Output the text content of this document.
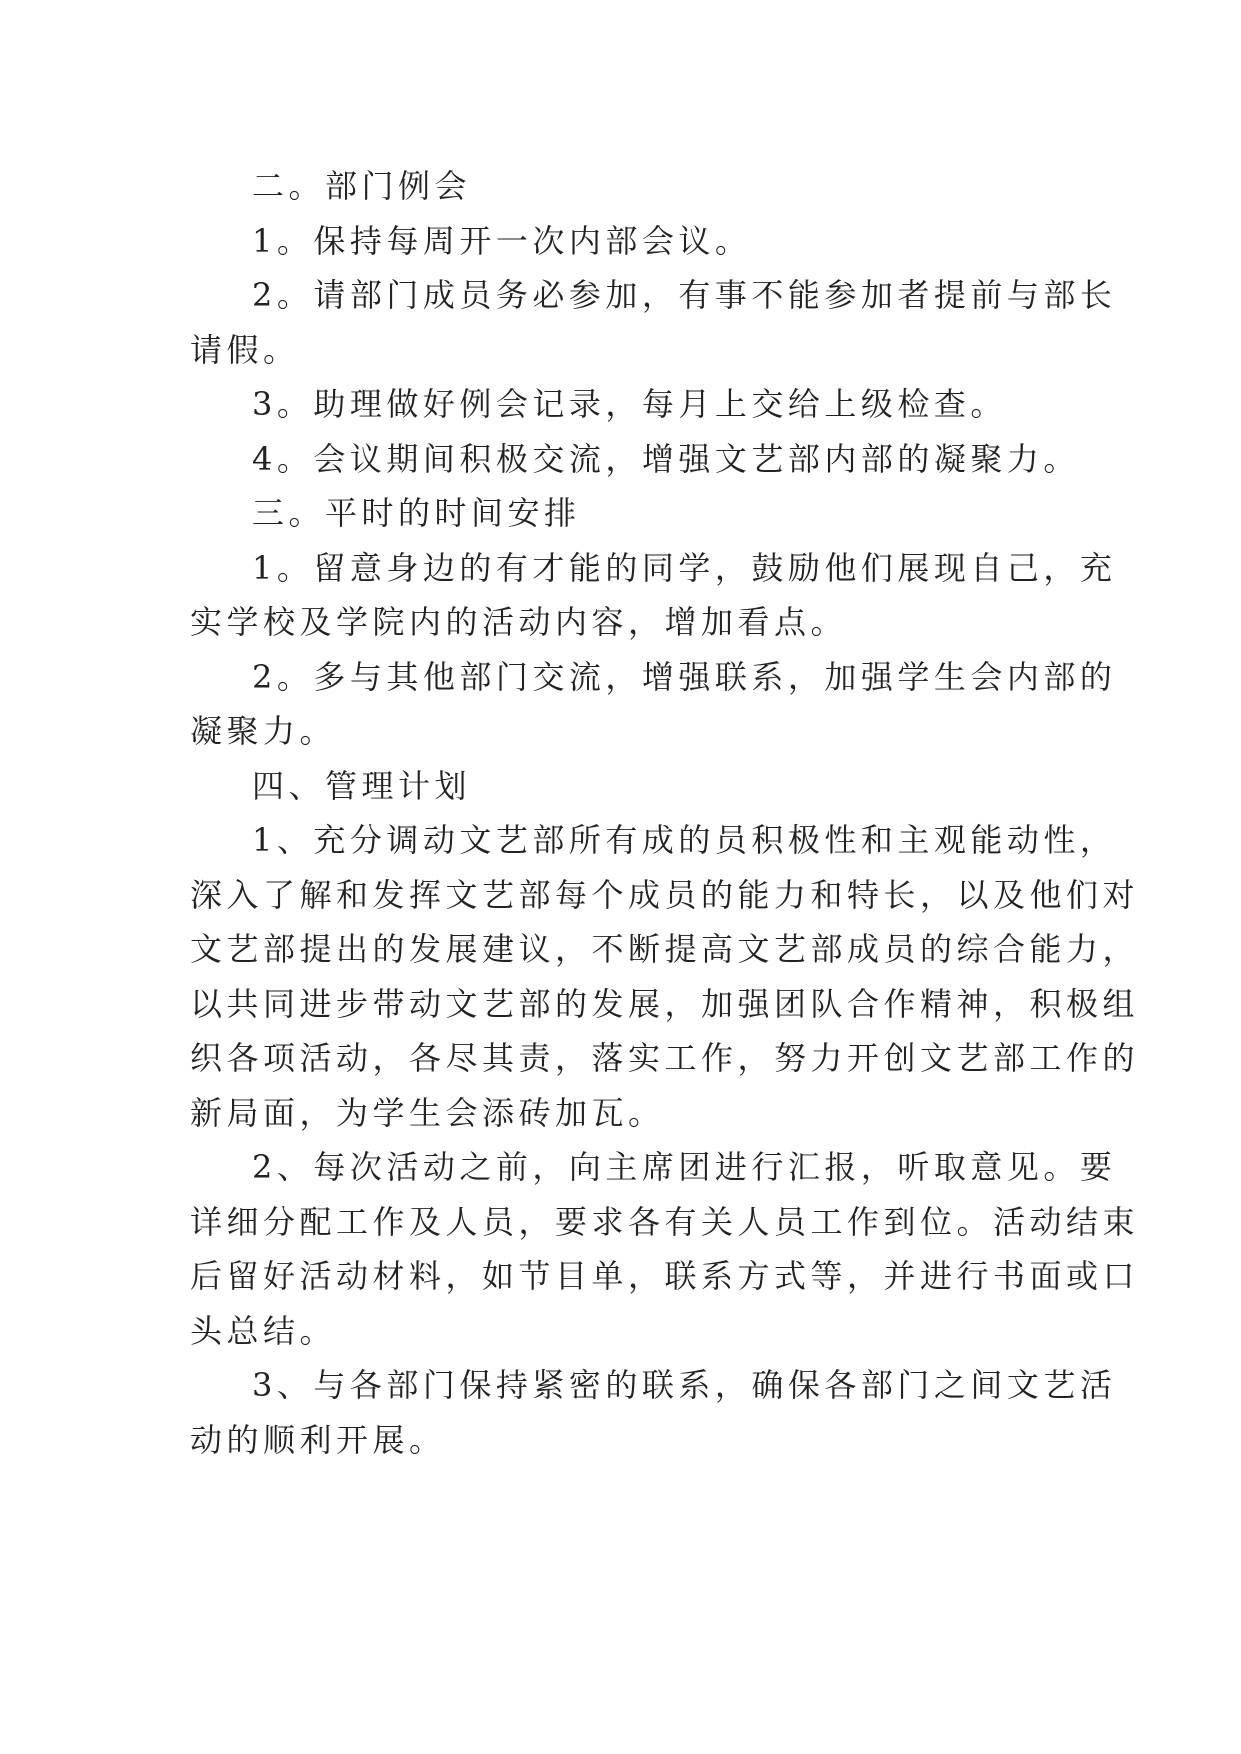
二。部门例会
1。保持每周开一次内部会议。
2。请部门成员务必参加，有事不能参加者提前与部长
请假。
3。助理做好例会记录，每月上交给上级检查。
4。会议期间积极交流，增强文艺部内部的凝聚力。
三。平时的时间安排
1。留意身边的有才能的同学，鼓励他们展现自己，充
实学校及学院内的活动内容，增加看点。
2。多与其他部门交流，增强联系，加强学生会内部的
凝聚力。
四、管理计划
1、充分调动文艺部所有成的员积极性和主观能动性，
深入了解和发挥文艺部每个成员的能力和特长，以及他们对
文艺部提出的发展建议，不断提高文艺部成员的综合能力，
以共同进步带动文艺部的发展，加强团队合作精神，积极组
织各项活动，各尽其责，落实工作，努力开创文艺部工作的
新局面，为学生会添砖加瓦。
2、每次活动之前，向主席团进行汇报，听取意见。要
详细分配工作及人员，要求各有关人员工作到位。活动结束
后留好活动材料，如节目单，联系方式等，并进行书面或口
头总结。
3、与各部门保持紧密的联系，确保各部门之间文艺活
动的顺利开展。
